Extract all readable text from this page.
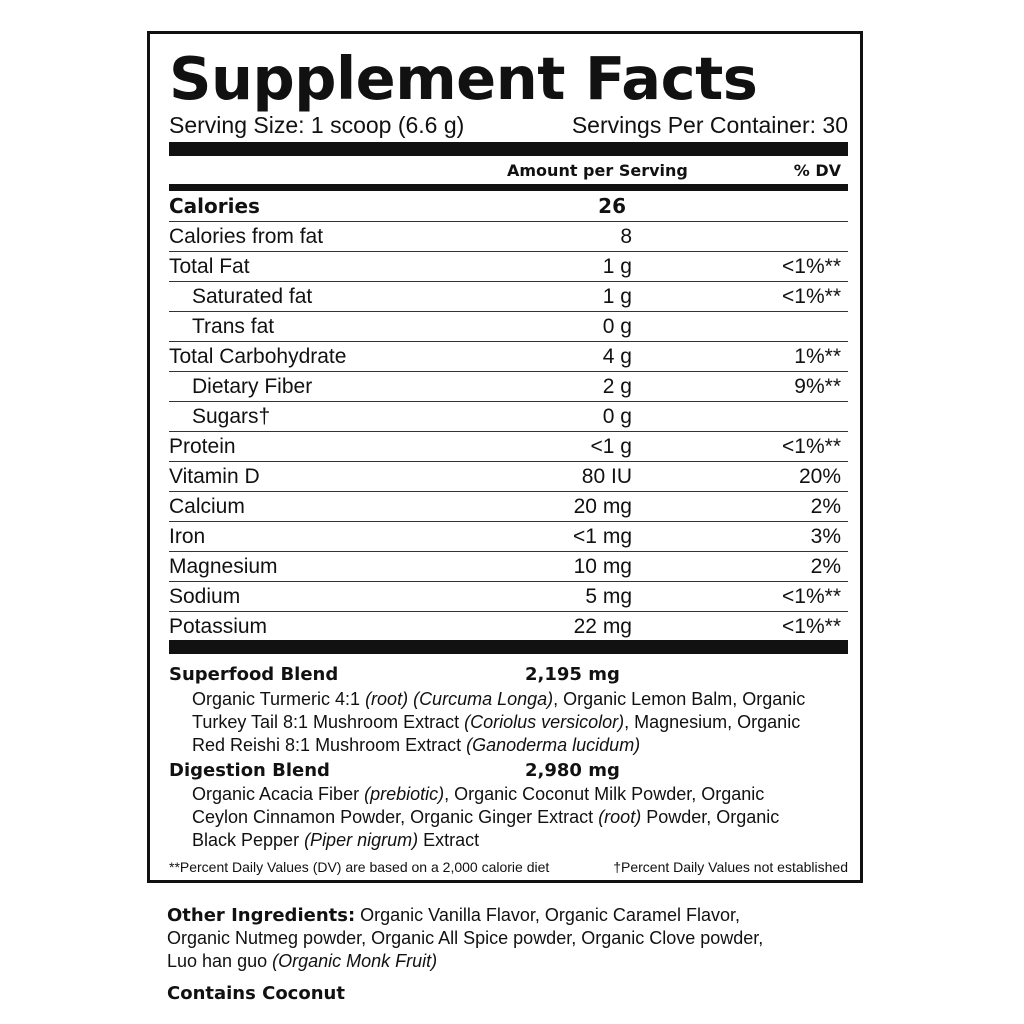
Supplement Facts
Serving Size: 1 scoop (6.6 g)	Servings Per Container: 30
Amount per Serving	% DV
Calories	26
Calories from fat	8
Total Fat	1 g	<1%**
Saturated fat	1 g	<1%**
Trans fat	0 g
Total Carbohydrate	4 g	1%**
Dietary Fiber	2 g	9%**
Sugars†	0 g
Protein	<1 g	<1%**
Vitamin D	80 IU	20%
Calcium	20 mg	2%
Iron	<1 mg	3%
Magnesium	10 mg	2%
Sodium	5 mg	<1%**
Potassium	22 mg	<1%**
Superfood Blend	2,195 mg
Organic Turmeric 4:1 (root) (Curcuma Longa), Organic Lemon Balm, Organic
Turkey Tail 8:1 Mushroom Extract (Coriolus versicolor), Magnesium, Organic
Red Reishi 8:1 Mushroom Extract (Ganoderma lucidum)
Digestion Blend	2,980 mg
Organic Acacia Fiber (prebiotic), Organic Coconut Milk Powder, Organic
Ceylon Cinnamon Powder, Organic Ginger Extract (root) Powder, Organic
Black Pepper (Piper nigrum) Extract
**Percent Daily Values (DV) are based on a 2,000 calorie diet	†Percent Daily Values not established
Other Ingredients: Organic Vanilla Flavor, Organic Caramel Flavor,
Organic Nutmeg powder, Organic All Spice powder, Organic Clove powder,
Luo han guo (Organic Monk Fruit)
Contains Coconut
